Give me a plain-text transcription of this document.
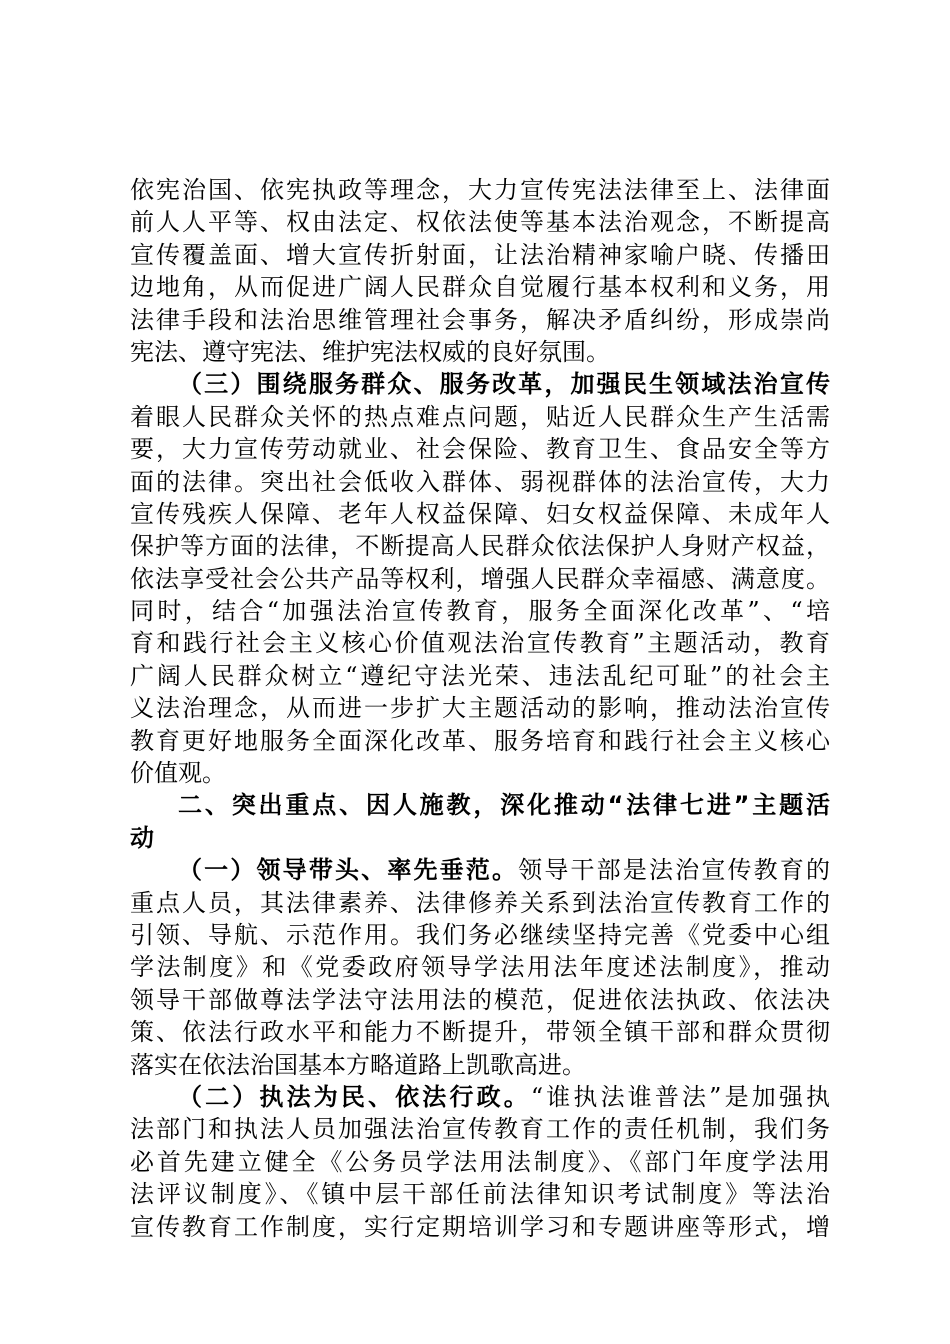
依宪治国、依宪执政等理念，大力宣传宪法法律至上、法律面
前人人平等、权由法定、权依法使等基本法治观念，不断提高
宣传覆盖面、增大宣传折射面，让法治精神家喻户晓、传播田
边地角，从而促进广阔人民群众自觉履行基本权利和义务，用
法律手段和法治思维管理社会事务，解决矛盾纠纷，形成崇尚
宪法、遵守宪法、维护宪法权威的良好氛围。
（三）围绕服务群众、服务改革，加强民生领域法治宣传
着眼人民群众关怀的热点难点问题，贴近人民群众生产生活需
要，大力宣传劳动就业、社会保险、教育卫生、食品安全等方
面的法律。突出社会低收入群体、弱视群体的法治宣传，大力
宣传残疾人保障、老年人权益保障、妇女权益保障、未成年人
保护等方面的法律，不断提高人民群众依法保护人身财产权益，
依法享受社会公共产品等权利，增强人民群众幸福感、满意度。
同时，结合“加强法治宣传教育，服务全面深化改革”、“培
育和践行社会主义核心价值观法治宣传教育”主题活动，教育
广阔人民群众树立“遵纪守法光荣、违法乱纪可耻”的社会主
义法治理念，从而进一步扩大主题活动的影响，推动法治宣传
教育更好地服务全面深化改革、服务培育和践行社会主义核心
价值观。
二、突出重点、因人施教，深化推动“法律七进”主题活
动
（一）领导带头、率先垂范。领导干部是法治宣传教育的
重点人员，其法律素养、法律修养关系到法治宣传教育工作的
引领、导航、示范作用。我们务必继续坚持完善《党委中心组
学法制度》和《党委政府领导学法用法年度述法制度》，推动
领导干部做尊法学法守法用法的模范，促进依法执政、依法决
策、依法行政水平和能力不断提升，带领全镇干部和群众贯彻
落实在依法治国基本方略道路上凯歌高进。
（二）执法为民、依法行政。“谁执法谁普法”是加强执
法部门和执法人员加强法治宣传教育工作的责任机制，我们务
必首先建立健全《公务员学法用法制度》、《部门年度学法用
法评议制度》、《镇中层干部任前法律知识考试制度》等法治
宣传教育工作制度，实行定期培训学习和专题讲座等形式，增
